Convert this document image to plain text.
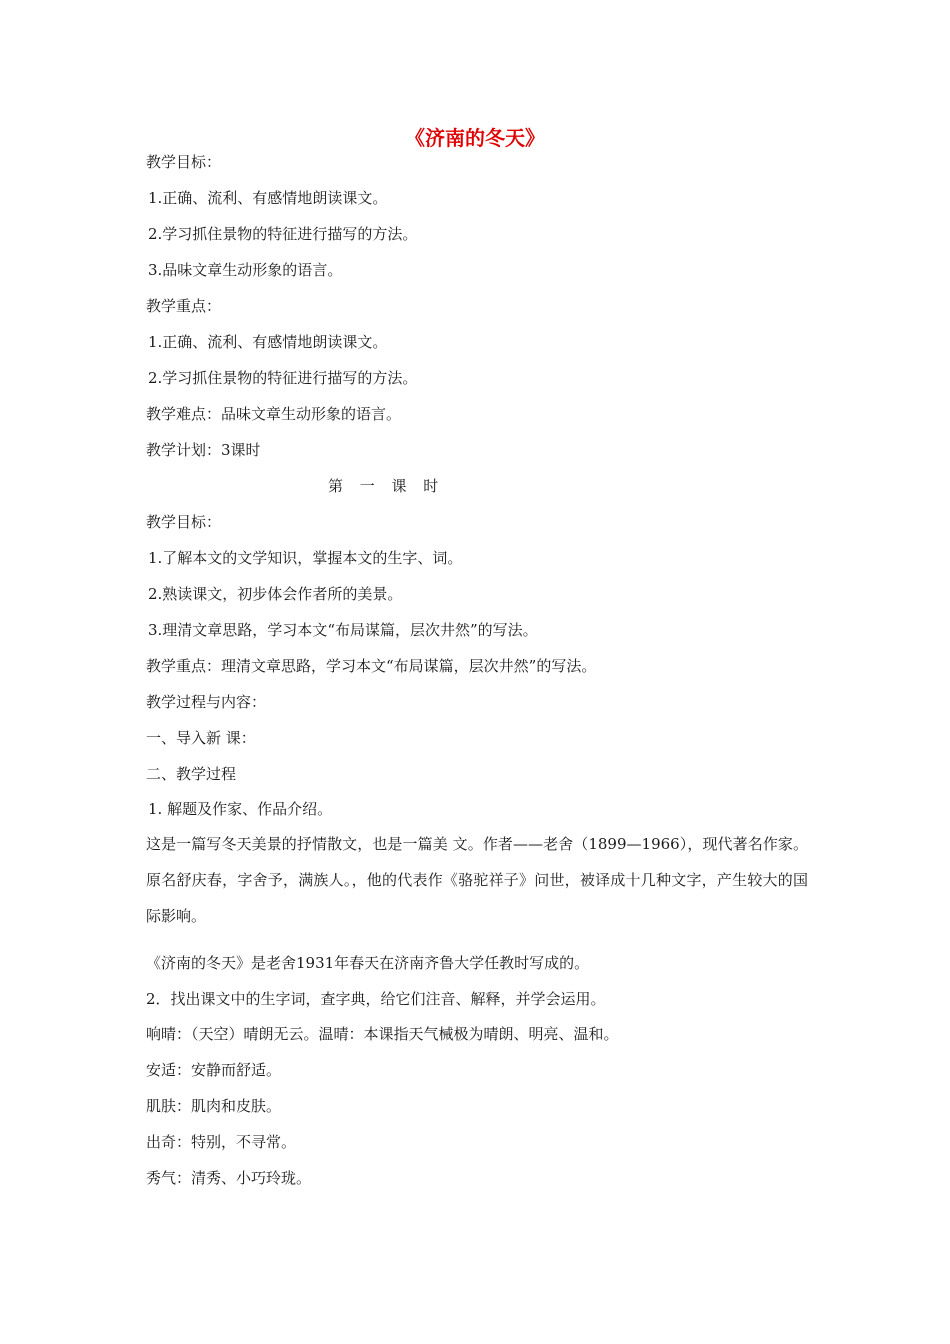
《济南的冬天》

教学目标：

1.正确、流利、有感情地朗读课文。

2.学习抓住景物的特征进行描写的方法。

3.品味文章生动形象的语言。

教学重点：

1.正确、流利、有感情地朗读课文。

2.学习抓住景物的特征进行描写的方法。

教学难点：品味文章生动形象的语言。

教学计划：3课时

第 一 课 时

教学目标：

1.了解本文的文学知识，掌握本文的生字、词。

2.熟读课文，初步体会作者所的美景。

3.理清文章思路，学习本文“布局谋篇，层次井然”的写法。

教学重点：理清文章思路，学习本文“布局谋篇，层次井然”的写法。

教学过程与内容：

一、导入新 课：

二、教学过程

1. 解题及作家、作品介绍。

这是一篇写冬天美景的抒情散文，也是一篇美 文。作者——老舍（1899—1966），现代著名作家。原名舒庆春，字舍予，满族人。，他的代表作《骆驼祥子》问世，被译成十几种文字，产生较大的国际影响。

《济南的冬天》是老舍1931年春天在济南齐鲁大学任教时写成的。

2．找出课文中的生字词，查字典，给它们注音、解释，并学会运用。

响晴：（天空）晴朗无云。温晴：本课指天气械极为晴朗、明亮、温和。

安适：安静而舒适。

肌肤：肌肉和皮肤。

出奇：特别，不寻常。

秀气：清秀、小巧玲珑。
